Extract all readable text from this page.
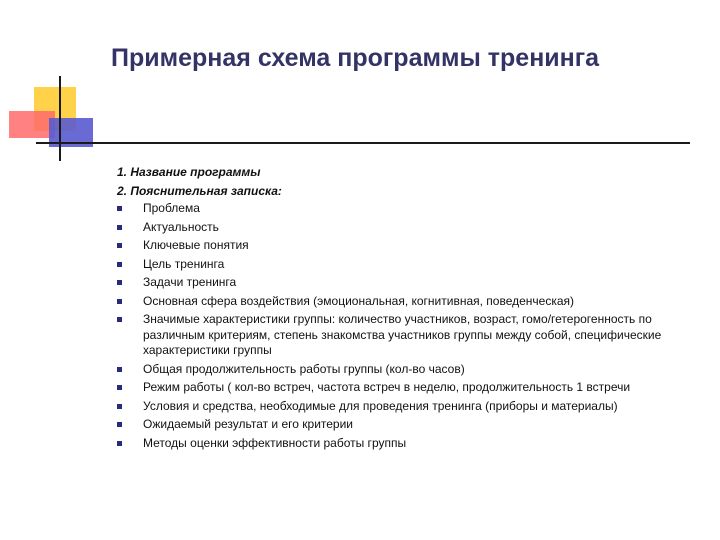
Примерная схема программы тренинга
1. Название программы
2. Пояснительная записка:
Проблема
Актуальность
Ключевые понятия
Цель тренинга
Задачи тренинга
Основная сфера воздействия (эмоциональная, когнитивная, поведенческая)
Значимые характеристики группы: количество участников, возраст, гомо/гетерогенность по различным критериям, степень знакомства участников группы между собой, специфические характеристики группы
Общая продолжительность работы группы (кол-во часов)
Режим работы ( кол-во встреч, частота встреч в неделю, продолжительность 1 встречи
Условия и средства, необходимые для проведения тренинга (приборы и материалы)
Ожидаемый результат и его критерии
Методы оценки эффективности работы группы
